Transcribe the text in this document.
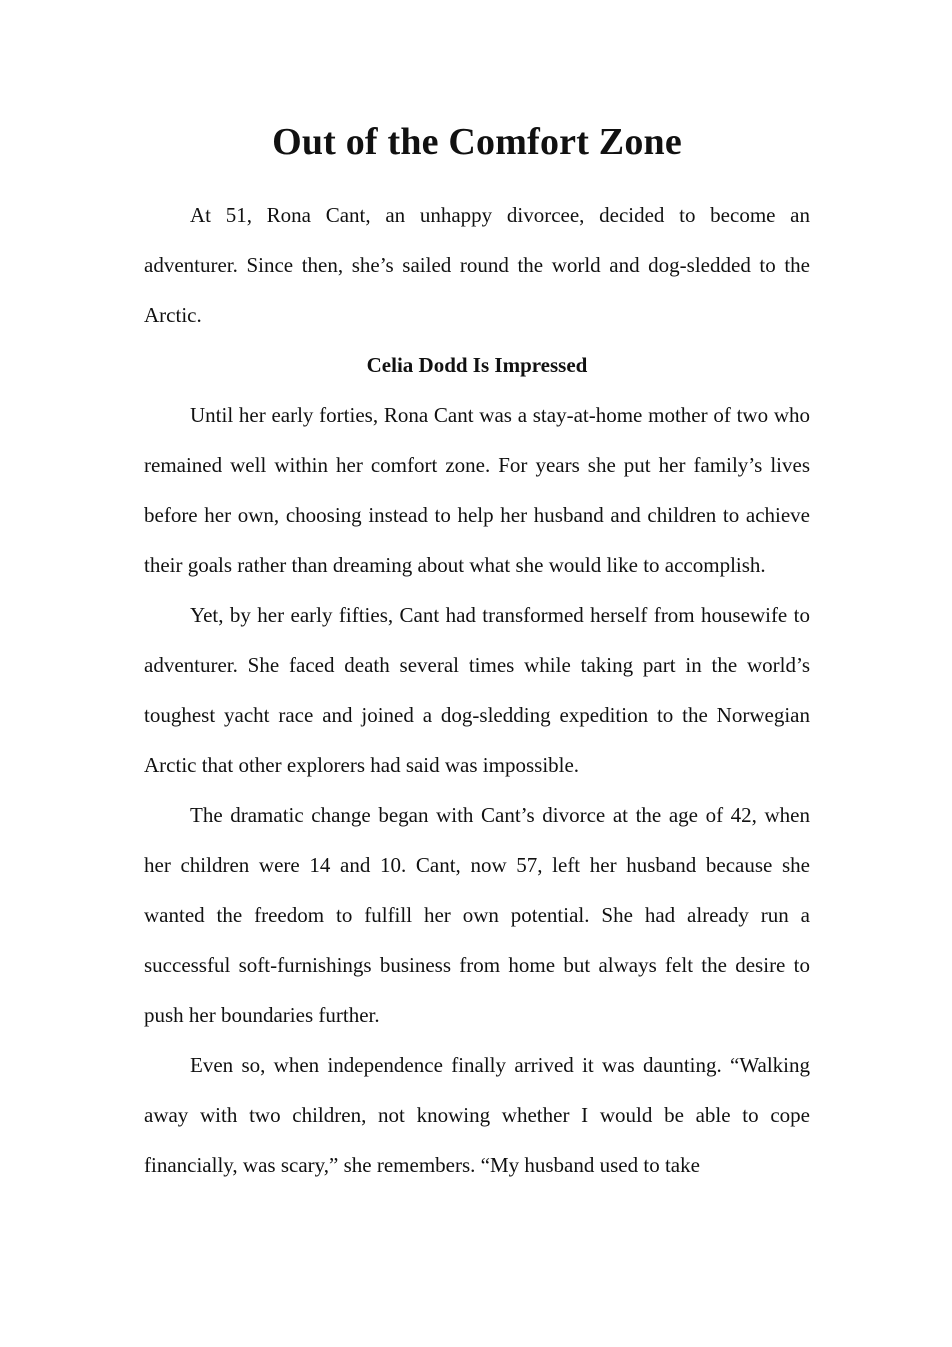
Out of the Comfort Zone

At 51, Rona Cant, an unhappy divorcee, decided to become an adventurer. Since then, she’s sailed round the world and dog-sledded to the Arctic.

Celia Dodd Is Impressed

Until her early forties, Rona Cant was a stay-at-home mother of two who remained well within her comfort zone. For years she put her family’s lives before her own, choosing instead to help her husband and children to achieve their goals rather than dreaming about what she would like to accomplish.

Yet, by her early fifties, Cant had transformed herself from housewife to adventurer. She faced death several times while taking part in the world’s toughest yacht race and joined a dog-sledding expedition to the Norwegian Arctic that other explorers had said was impossible.

The dramatic change began with Cant’s divorce at the age of 42, when her children were 14 and 10. Cant, now 57, left her husband because she wanted the freedom to fulfill her own potential. She had already run a successful soft-furnishings business from home but always felt the desire to push her boundaries further.

Even so, when independence finally arrived it was daunting. “Walking away with two children, not knowing whether I would be able to cope financially, was scary,” she remembers. “My husband used to take
